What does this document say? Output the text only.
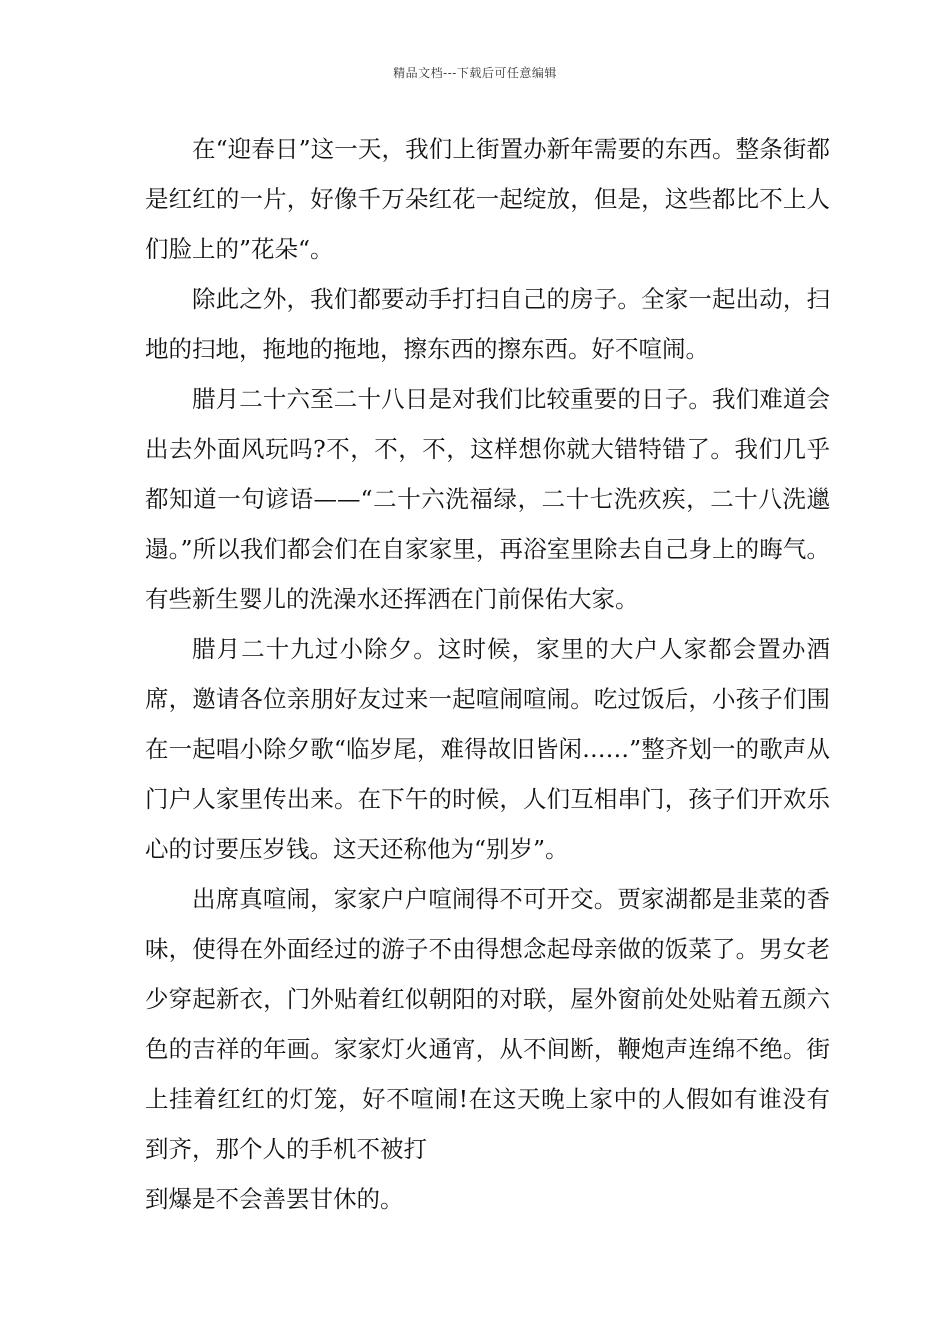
精品文档---下载后可任意编辑

在“迎春日”这一天，我们上街置办新年需要的东西。整条街都是红红的一片，好像千万朵红花一起绽放，但是，这些都比不上人们脸上的”花朵“。

除此之外，我们都要动手打扫自己的房子。全家一起出动，扫地的扫地，拖地的拖地，擦东西的擦东西。好不喧闹。

腊月二十六至二十八日是对我们比较重要的日子。我们难道会出去外面风玩吗?不，不，不，这样想你就大错特错了。我们几乎都知道一句谚语——“二十六洗福绿，二十七洗疚疾，二十八洗邋遢。”所以我们都会们在自家家里，再浴室里除去自己身上的晦气。有些新生婴儿的洗澡水还挥洒在门前保佑大家。

腊月二十九过小除夕。这时候，家里的大户人家都会置办酒席，邀请各位亲朋好友过来一起喧闹喧闹。吃过饭后，小孩子们围在一起唱小除夕歌“临岁尾，难得故旧皆闲……”整齐划一的歌声从门户人家里传出来。在下午的时候，人们互相串门，孩子们开欢乐心的讨要压岁钱。这天还称他为“别岁”。

出席真喧闹，家家户户喧闹得不可开交。贾家湖都是韭菜的香味，使得在外面经过的游子不由得想念起母亲做的饭菜了。男女老少穿起新衣，门外贴着红似朝阳的对联，屋外窗前处处贴着五颜六色的吉祥的年画。家家灯火通宵，从不间断，鞭炮声连绵不绝。街上挂着红红的灯笼，好不喧闹!在这天晚上家中的人假如有谁没有到齐，那个人的手机不被打

到爆是不会善罢甘休的。
